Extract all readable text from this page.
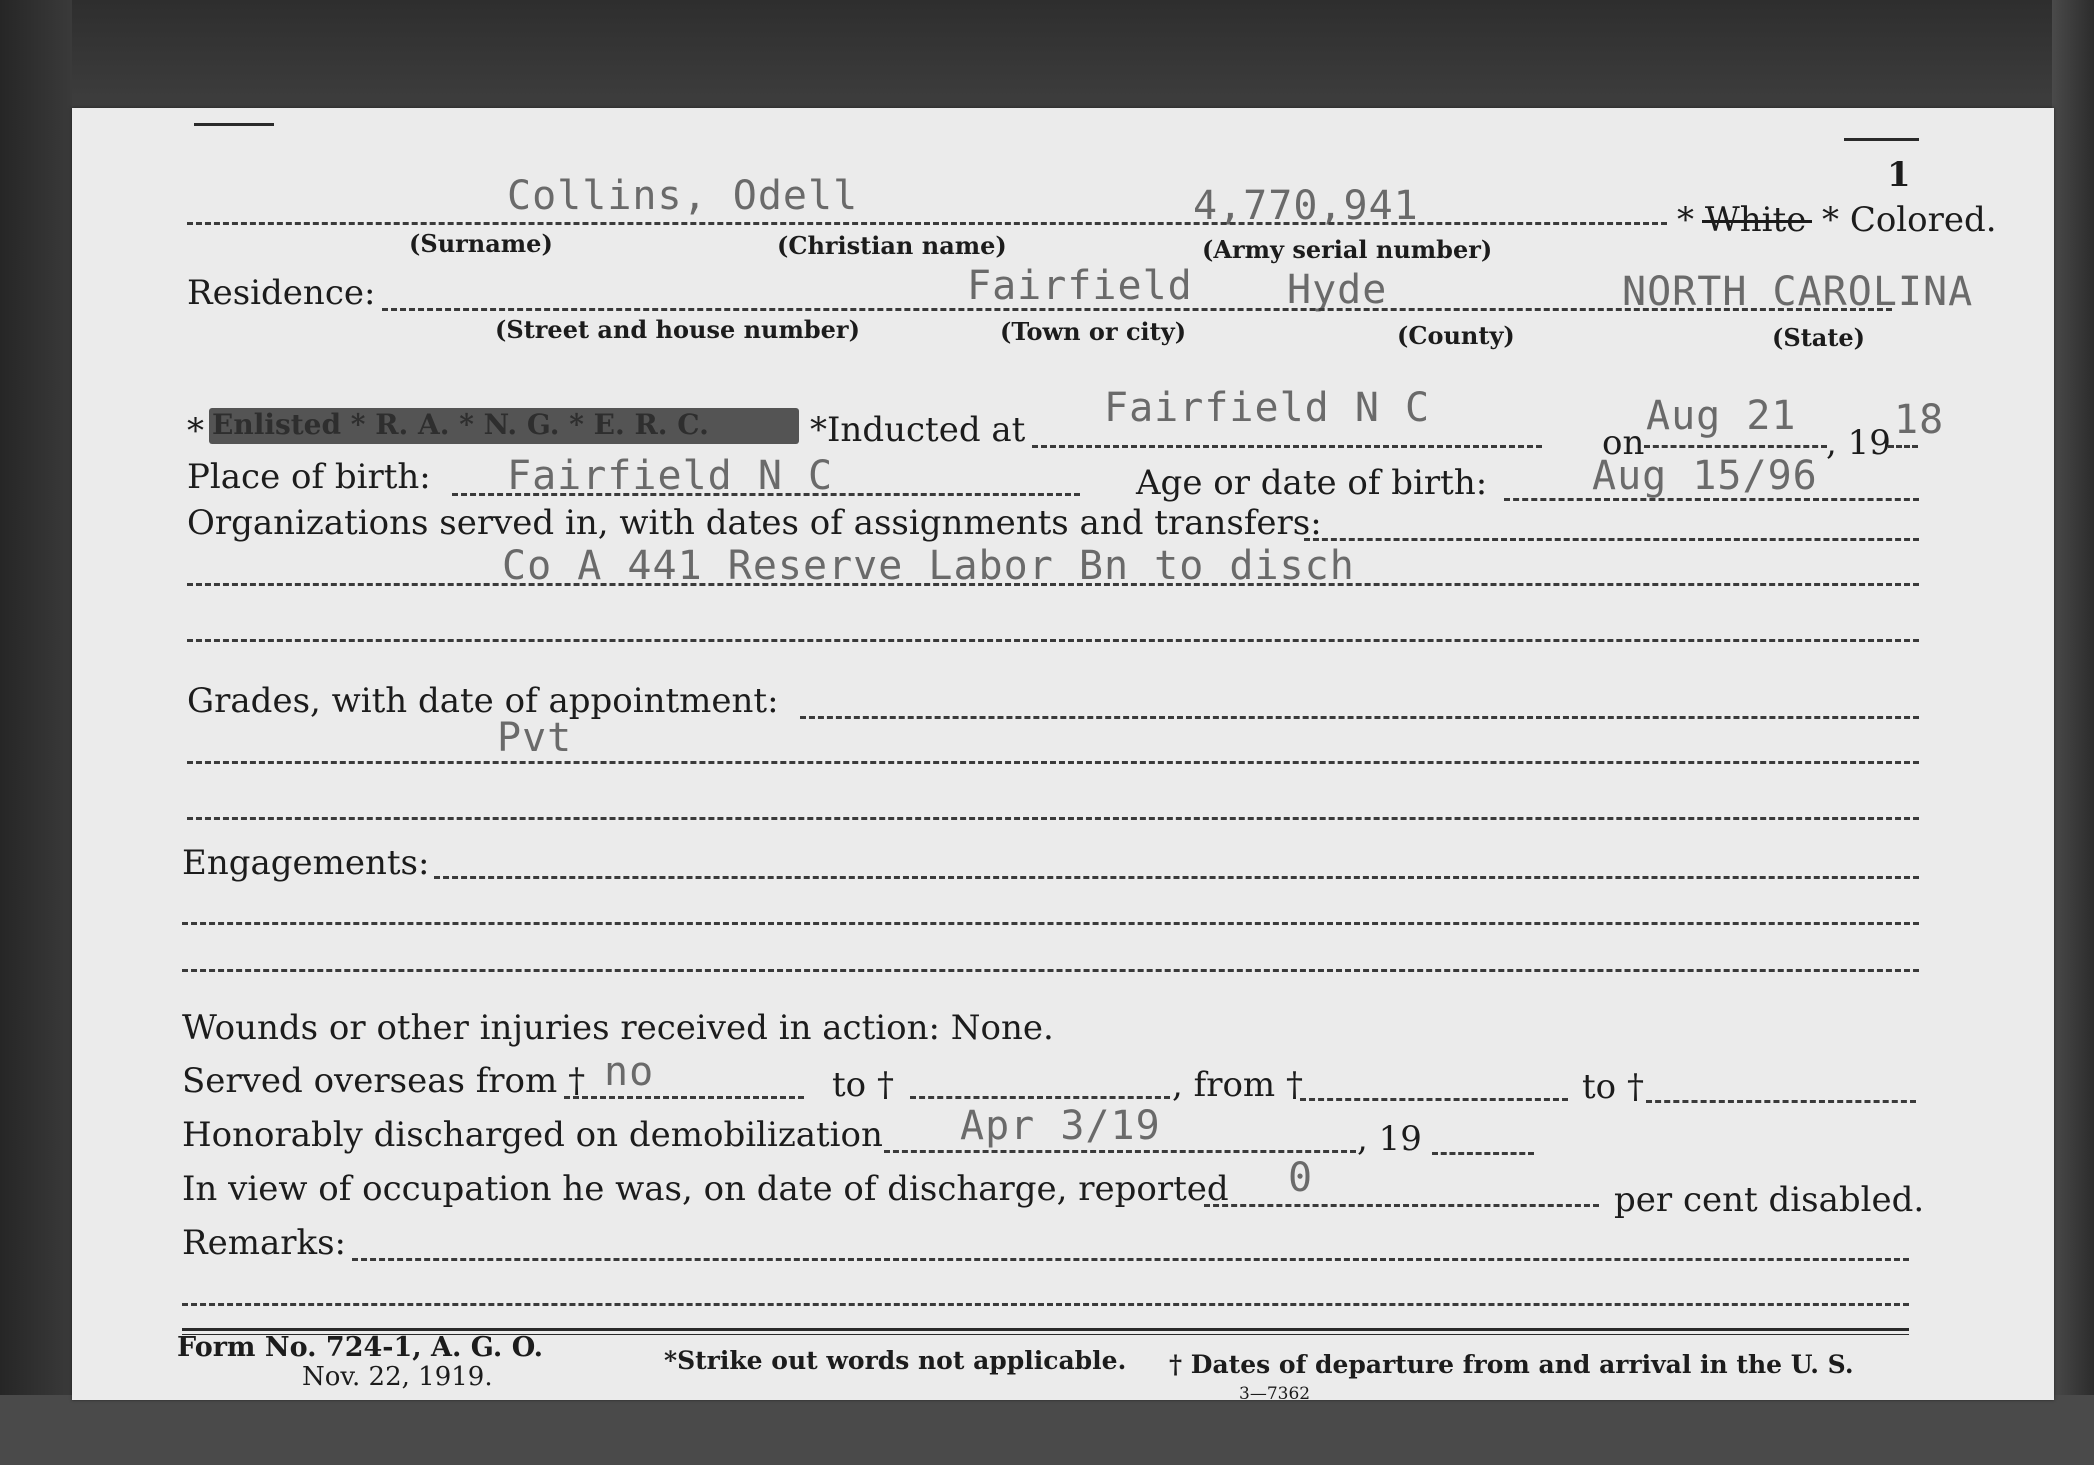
1
Collins, Odell	4,770,941	* White * Colored.
(Surname)	(Christian name)	(Army serial number)
Residence:	Fairfield Hyde	NORTH CAROLINA
(Street and house number)	(Town or city)	(County)	(State)
* Enlisted * R. A. * N. G. * E. R. C.	*Inducted at Fairfield N C
on
Aug 21
, 19 18
Place of birth: Fairfield N C	Age or date of birth:	Aug 15/96
Organizations served in, with dates of assignments and transfers:
Co A 441 Reserve Labor Bn to disch
Grades, with date of appointment:
Pvt
Engagements:
Wounds or other injuries received in action: None.
Served overseas from † no	to †	, from †	to †
Honorably discharged on demobilization Apr 3/19	, 19
In view of occupation he was, on date of discharge, reported 0	per cent disabled.
Remarks:
Form No. 724-1, A. G. O.
Nov. 22, 1919.
*Strike out words not applicable. † Dates of departure from and arrival in the U. S.
3—7362
